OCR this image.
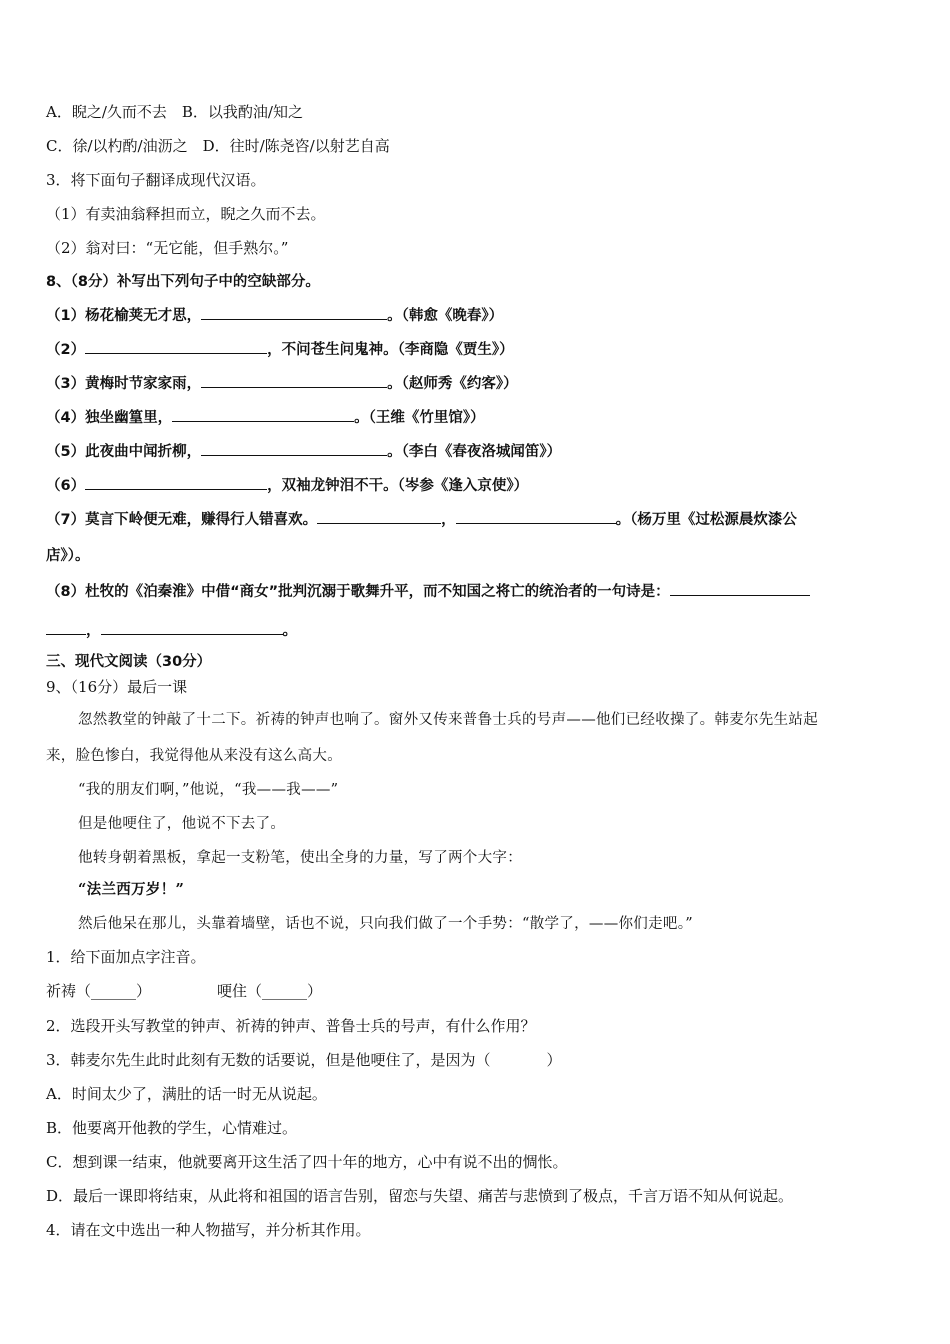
A．睨之/久而不去　B．以我酌油/知之
C．徐/以杓酌/油沥之　D．往时/陈尧咨/以射艺自高
3．将下面句子翻译成现代汉语。
（1）有卖油翁释担而立，睨之久而不去。
（2）翁对曰：“无它能，但手熟尔。”
8、（8分）补写出下列句子中的空缺部分。
（1）杨花榆荚无才思，	。（韩愈《晚春》）
（2）	，不问苍生问鬼神。（李商隐《贾生》）
（3）黄梅时节家家雨，	。（赵师秀《约客》）
（4）独坐幽篁里，	。（王维《竹里馆》）
（5）此夜曲中闻折柳，	。（李白《春夜洛城闻笛》）
（6）	，双袖龙钟泪不干。（岑参《逢入京使》）
（7）莫言下岭便无难，赚得行人错喜欢。	，	。（杨万里《过松源晨炊漆公
店》）。
（8）杜牧的《泊秦淮》中借“商女”批判沉溺于歌舞升平，而不知国之将亡的统治者的一句诗是：
，	。
三、现代文阅读（30分）
9、（16分）最后一课
忽然教堂的钟敲了十二下。祈祷的钟声也响了。窗外又传来普鲁士兵的号声——他们已经收操了。韩麦尔先生站起
来，脸色惨白，我觉得他从来没有这么高大。
“我的朋友们啊，”他说，“我——我——”
但是他哽住了，他说不下去了。
他转身朝着黑板，拿起一支粉笔，使出全身的力量，写了两个大字：
“法兰西万岁！”
然后他呆在那儿，头靠着墙壁，话也不说，只向我们做了一个手势：“散学了，——你们走吧。”
1．给下面加点字注音。
祈祷（______）	哽住（______）
2．选段开头写教堂的钟声、祈祷的钟声、普鲁士兵的号声，有什么作用？
3．韩麦尔先生此时此刻有无数的话要说，但是他哽住了，是因为（	）
A．时间太少了，满肚的话一时无从说起。
B．他要离开他教的学生，心情难过。
C．想到课一结束，他就要离开这生活了四十年的地方，心中有说不出的惆怅。
D．最后一课即将结束，从此将和祖国的语言告别，留恋与失望、痛苦与悲愤到了极点，千言万语不知从何说起。
4．请在文中选出一种人物描写，并分析其作用。
